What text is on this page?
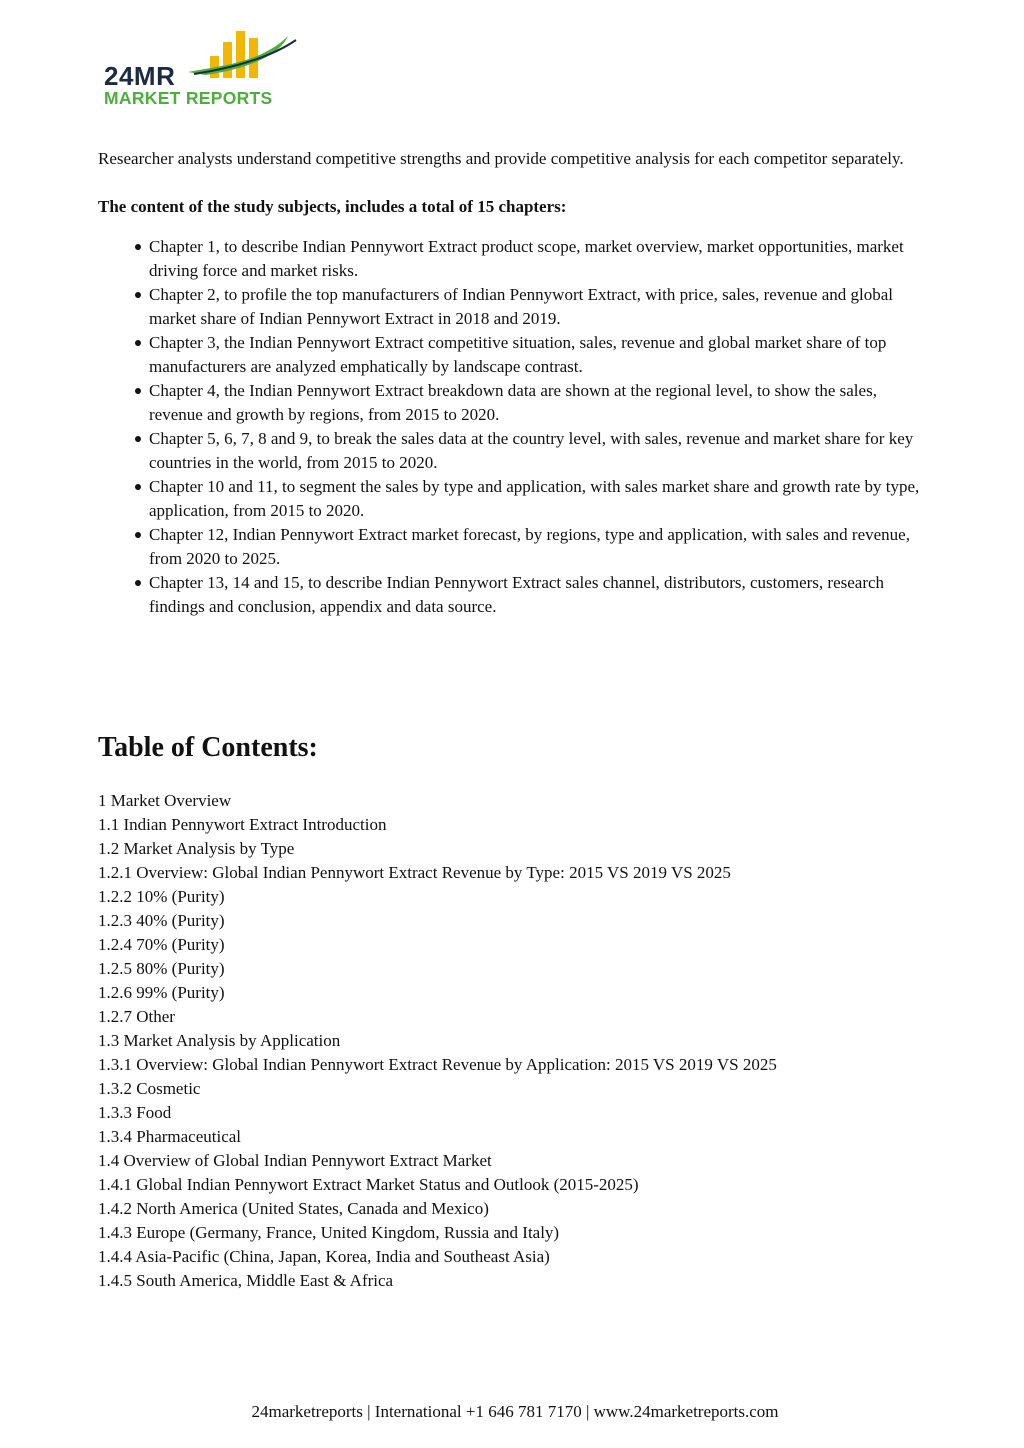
24MR
MARKET REPORTS

Researcher analysts understand competitive strengths and provide competitive analysis for each competitor separately.

The content of the study subjects, includes a total of 15 chapters:

Chapter 1, to describe Indian Pennywort Extract product scope, market overview, market opportunities, market driving force and market risks.
Chapter 2, to profile the top manufacturers of Indian Pennywort Extract, with price, sales, revenue and global market share of Indian Pennywort Extract in 2018 and 2019.
Chapter 3, the Indian Pennywort Extract competitive situation, sales, revenue and global market share of top manufacturers are analyzed emphatically by landscape contrast.
Chapter 4, the Indian Pennywort Extract breakdown data are shown at the regional level, to show the sales, revenue and growth by regions, from 2015 to 2020.
Chapter 5, 6, 7, 8 and 9, to break the sales data at the country level, with sales, revenue and market share for key countries in the world, from 2015 to 2020.
Chapter 10 and 11, to segment the sales by type and application, with sales market share and growth rate by type, application, from 2015 to 2020.
Chapter 12, Indian Pennywort Extract market forecast, by regions, type and application, with sales and revenue, from 2020 to 2025.
Chapter 13, 14 and 15, to describe Indian Pennywort Extract sales channel, distributors, customers, research findings and conclusion, appendix and data source.
Table of Contents:
1 Market Overview
1.1 Indian Pennywort Extract Introduction
1.2 Market Analysis by Type
1.2.1 Overview: Global Indian Pennywort Extract Revenue by Type: 2015 VS 2019 VS 2025
1.2.2 10% (Purity)
1.2.3 40% (Purity)
1.2.4 70% (Purity)
1.2.5 80% (Purity)
1.2.6 99% (Purity)
1.2.7 Other
1.3 Market Analysis by Application
1.3.1 Overview: Global Indian Pennywort Extract Revenue by Application: 2015 VS 2019 VS 2025
1.3.2 Cosmetic
1.3.3 Food
1.3.4 Pharmaceutical
1.4 Overview of Global Indian Pennywort Extract Market
1.4.1 Global Indian Pennywort Extract Market Status and Outlook (2015-2025)
1.4.2 North America (United States, Canada and Mexico)
1.4.3 Europe (Germany, France, United Kingdom, Russia and Italy)
1.4.4 Asia-Pacific (China, Japan, Korea, India and Southeast Asia)
1.4.5 South America, Middle East & Africa
24marketreports | International +1 646 781 7170 | www.24marketreports.com
